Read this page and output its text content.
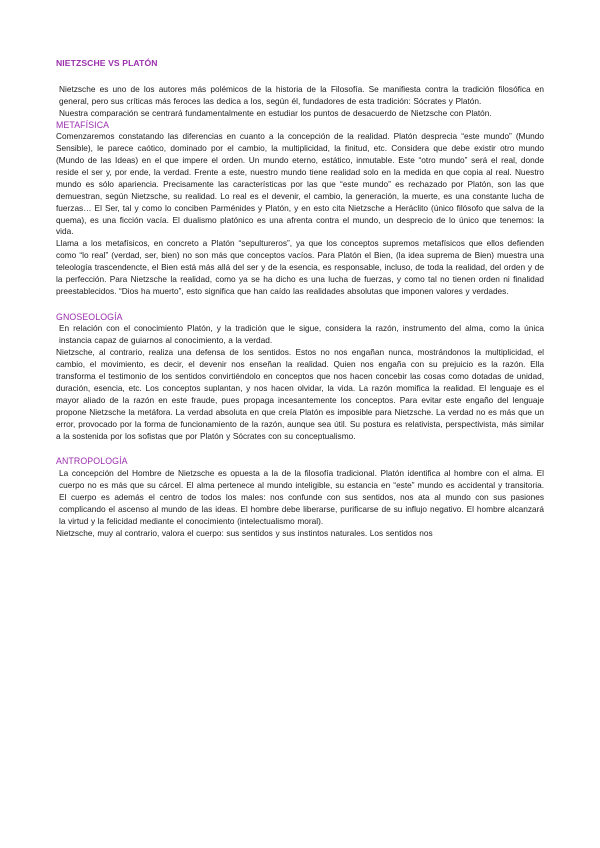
NIETZSCHE VS PLATÓN

Nietzsche es uno de los autores más polémicos de la historia de la Filosofía. Se manifiesta contra la tradición filosófica en general, pero sus críticas más feroces las dedica a los, según él, fundadores de esta tradición: Sócrates y Platón.

Nuestra comparación se centrará fundamentalmente en estudiar los puntos de desacuerdo de Nietzsche con Platón.

METAFÍSICA

Comenzaremos constatando las diferencias en cuanto a la concepción de la realidad. Platón desprecia “este mundo” (Mundo Sensible), le parece caótico, dominado por el cambio, la multiplicidad, la finitud, etc. Considera que debe existir otro mundo (Mundo de las Ideas) en el que impere el orden. Un mundo eterno, estático, inmutable. Este “otro mundo” será el real, donde reside el ser y, por ende, la verdad. Frente a este, nuestro mundo tiene realidad solo en la medida en que copia al real. Nuestro mundo es sólo apariencia. Precisamente las características por las que “este mundo” es rechazado por Platón, son las que demuestran, según Nietzsche, su realidad. Lo real es el devenir, el cambio, la generación, la muerte, es una constante lucha de fuerzas… El Ser, tal y como lo conciben Parménides y Platón, y en esto cita Nietzsche a Heráclito (único filósofo que salva de la quema), es una ficción vacía. El dualismo platónico es una afrenta contra el mundo, un desprecio de lo único que tenemos: la vida.

Llama a los metafísicos, en concreto a Platón “sepultureros”, ya que los conceptos supremos metafísicos que ellos defienden como “lo real” (verdad, ser, bien) no son más que conceptos vacíos. Para Platón el Bien, (la idea suprema de Bien) muestra una teleología trascendencte, el Bien está más allá del ser y de la esencia, es responsable, incluso, de toda la realidad, del orden y de la perfección. Para Nietzsche la realidad, como ya se ha dicho es una lucha de fuerzas, y como tal no tienen orden ni finalidad preestablecidos. “Dios ha muerto”, esto significa que han caído las realidades absolutas que imponen valores y verdades.

GNOSEOLOGÍA

En relación con el conocimiento Platón, y la tradición que le sigue, considera la razón, instrumento del alma, como la única instancia capaz de guiarnos al conocimiento, a la verdad.

Nietzsche, al contrario, realiza una defensa de los sentidos. Estos no nos engañan nunca, mostrándonos la multiplicidad, el cambio, el movimiento, es decir, el devenir nos enseñan la realidad. Quien nos engaña con su prejuicio es la razón. Ella transforma el testimonio de los sentidos convirtiéndolo en conceptos que nos hacen concebir las cosas como dotadas de unidad, duración, esencia, etc. Los conceptos suplantan, y nos hacen olvidar, la vida. La razón momifica la realidad. El lenguaje es el mayor aliado de la razón en este fraude, pues propaga incesantemente los conceptos. Para evitar este engaño del lenguaje propone Nietzsche la metáfora. La verdad absoluta en que creía Platón es imposible para Nietzsche. La verdad no es más que un error, provocado por la forma de funcionamiento de la razón, aunque sea útil. Su postura es relativista, perspectivista, más similar a la sostenida por los sofistas que por Platón y Sócrates con su conceptualismo.

ANTROPOLOGÍA

La concepción del Hombre de Nietzsche es opuesta a la de la filosofía tradicional. Platón identifica al hombre con el alma. El cuerpo no es más que su cárcel. El alma pertenece al mundo inteligible, su estancia en “este” mundo es accidental y transitoria. El cuerpo es además el centro de todos los males: nos confunde con sus sentidos, nos ata al mundo con sus pasiones complicando el ascenso al mundo de las ideas. El hombre debe liberarse, purificarse de su influjo negativo. El hombre alcanzará la virtud y la felicidad mediante el conocimiento (intelectualismo moral).

Nietzsche, muy al contrario, valora el cuerpo: sus sentidos y sus instintos naturales. Los sentidos nos
